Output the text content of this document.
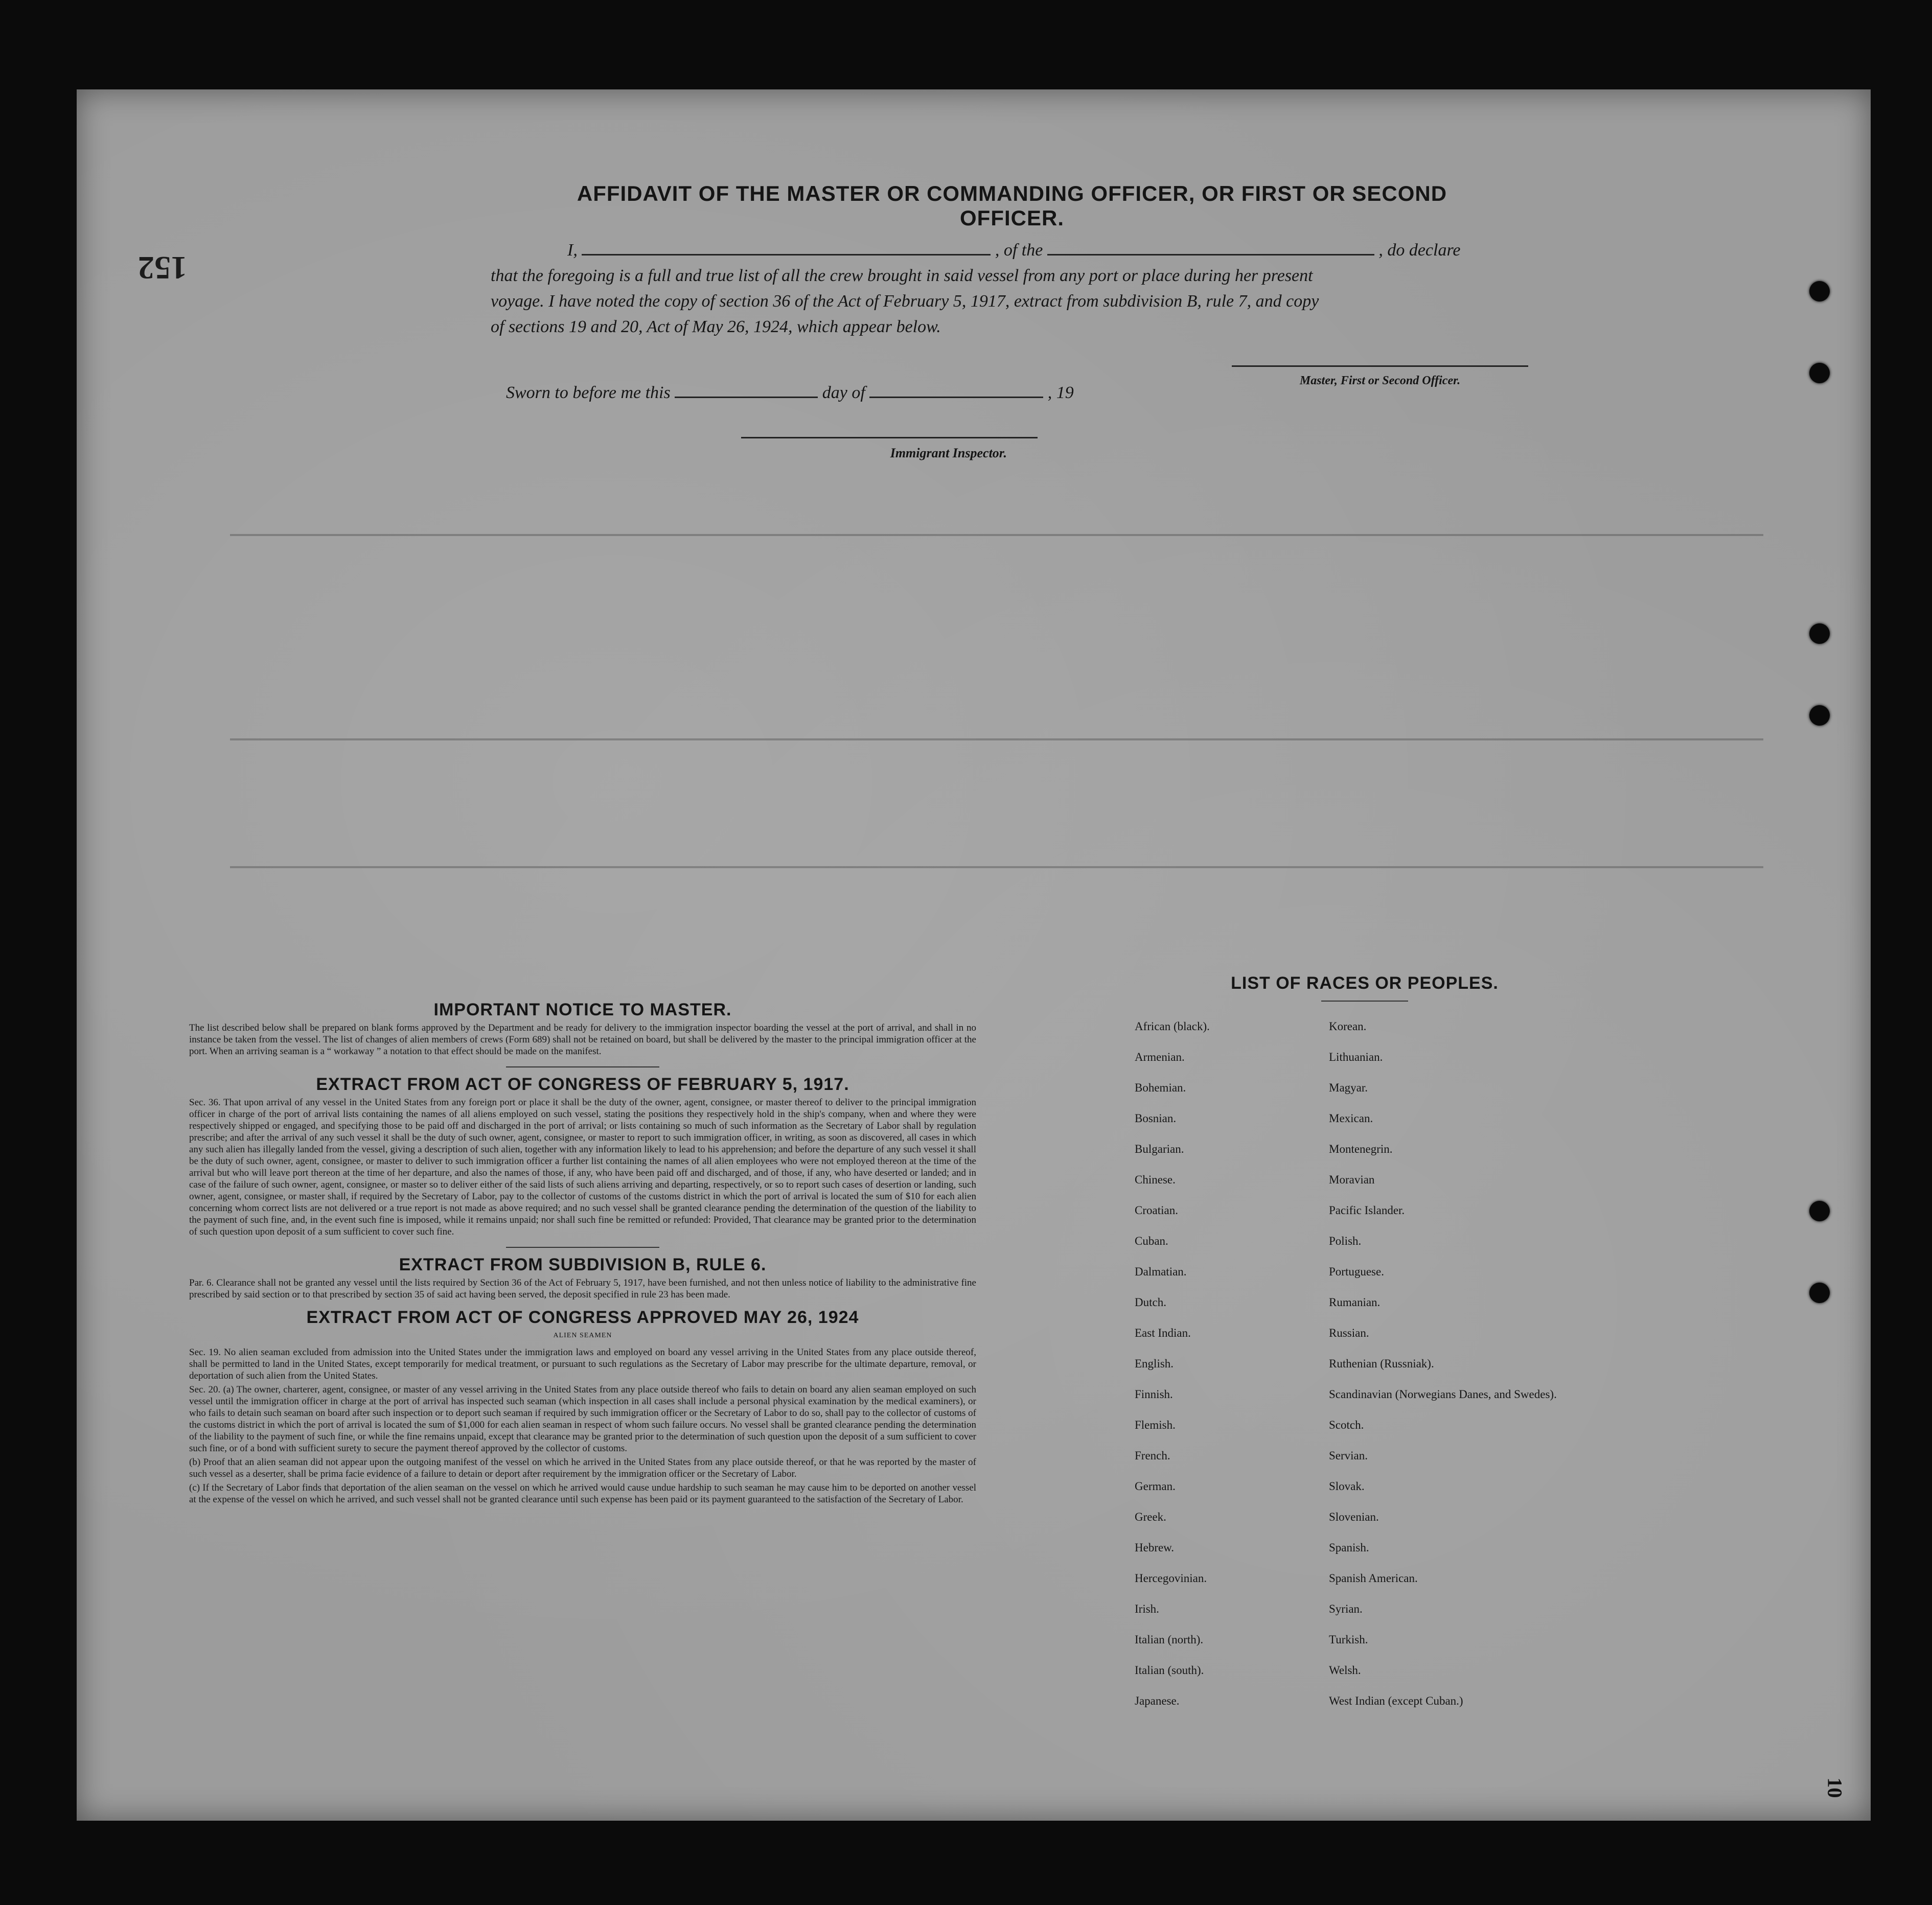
152
AFFIDAVIT OF THE MASTER OR COMMANDING OFFICER, OR FIRST OR SECOND OFFICER.
I,	, of the	, do declare
that the foregoing is a full and true list of all the crew brought in said vessel from any port or place during her present
voyage. I have noted the copy of section 36 of the Act of February 5, 1917, extract from subdivision B, rule 7, and copy
of sections 19 and 20, Act of May 26, 1924, which appear below.
Master, First or Second Officer.
Sworn to before me this	day of	, 19
Immigrant Inspector.
IMPORTANT NOTICE TO MASTER.

The list described below shall be prepared on blank forms approved by the Department and be ready for delivery to the immigration inspector boarding the vessel at the port of arrival, and shall in no instance be taken from the vessel. The list of changes of alien members of crews (Form 689) shall not be retained on board, but shall be delivered by the master to the principal immigration officer at the port. When an arriving seaman is a “ workaway ” a notation to that effect should be made on the manifest.

EXTRACT FROM ACT OF CONGRESS OF FEBRUARY 5, 1917.

Sec. 36. That upon arrival of any vessel in the United States from any foreign port or place it shall be the duty of the owner, agent, consignee, or master thereof to deliver to the principal immigration officer in charge of the port of arrival lists containing the names of all aliens employed on such vessel, stating the positions they respectively hold in the ship's company, when and where they were respectively shipped or engaged, and specifying those to be paid off and discharged in the port of arrival; or lists containing so much of such information as the Secretary of Labor shall by regulation prescribe; and after the arrival of any such vessel it shall be the duty of such owner, agent, consignee, or master to report to such immigration officer, in writing, as soon as discovered, all cases in which any such alien has illegally landed from the vessel, giving a description of such alien, together with any information likely to lead to his apprehension; and before the departure of any such vessel it shall be the duty of such owner, agent, consignee, or master to deliver to such immigration officer a further list containing the names of all alien employees who were not employed thereon at the time of the arrival but who will leave port thereon at the time of her departure, and also the names of those, if any, who have been paid off and discharged, and of those, if any, who have deserted or landed; and in case of the failure of such owner, agent, consignee, or master so to deliver either of the said lists of such aliens arriving and departing, respectively, or so to report such cases of desertion or landing, such owner, agent, consignee, or master shall, if required by the Secretary of Labor, pay to the collector of customs of the customs district in which the port of arrival is located the sum of $10 for each alien concerning whom correct lists are not delivered or a true report is not made as above required; and no such vessel shall be granted clearance pending the determination of the question of the liability to the payment of such fine, and, in the event such fine is imposed, while it remains unpaid; nor shall such fine be remitted or refunded: Provided, That clearance may be granted prior to the determination of such question upon deposit of a sum sufficient to cover such fine.

EXTRACT FROM SUBDIVISION B, RULE 6.

Par. 6. Clearance shall not be granted any vessel until the lists required by Section 36 of the Act of February 5, 1917, have been furnished, and not then unless notice of liability to the administrative fine prescribed by said section or to that prescribed by section 35 of said act having been served, the deposit specified in rule 23 has been made.

EXTRACT FROM ACT OF CONGRESS APPROVED MAY 26, 1924
ALIEN SEAMEN

Sec. 19. No alien seaman excluded from admission into the United States under the immigration laws and employed on board any vessel arriving in the United States from any place outside thereof, shall be permitted to land in the United States, except temporarily for medical treatment, or pursuant to such regulations as the Secretary of Labor may prescribe for the ultimate departure, removal, or deportation of such alien from the United States.

Sec. 20. (a) The owner, charterer, agent, consignee, or master of any vessel arriving in the United States from any place outside thereof who fails to detain on board any alien seaman employed on such vessel until the immigration officer in charge at the port of arrival has inspected such seaman (which inspection in all cases shall include a personal physical examination by the medical examiners), or who fails to detain such seaman on board after such inspection or to deport such seaman if required by such immigration officer or the Secretary of Labor to do so, shall pay to the collector of customs of the customs district in which the port of arrival is located the sum of $1,000 for each alien seaman in respect of whom such failure occurs. No vessel shall be granted clearance pending the determination of the liability to the payment of such fine, or while the fine remains unpaid, except that clearance may be granted prior to the determination of such question upon the deposit of a sum sufficient to cover such fine, or of a bond with sufficient surety to secure the payment thereof approved by the collector of customs.

(b) Proof that an alien seaman did not appear upon the outgoing manifest of the vessel on which he arrived in the United States from any place outside thereof, or that he was reported by the master of such vessel as a deserter, shall be prima facie evidence of a failure to detain or deport after requirement by the immigration officer or the Secretary of Labor.

(c) If the Secretary of Labor finds that deportation of the alien seaman on the vessel on which he arrived would cause undue hardship to such seaman he may cause him to be deported on another vessel at the expense of the vessel on which he arrived, and such vessel shall not be granted clearance until such expense has been paid or its payment guaranteed to the satisfaction of the Secretary of Labor.

LIST OF RACES OR PEOPLES.
African (black).	Korean.
Armenian.	Lithuanian.
Bohemian.	Magyar.
Bosnian.	Mexican.
Bulgarian.	Montenegrin.
Chinese.	Moravian
Croatian.	Pacific Islander.
Cuban.	Polish.
Dalmatian.	Portuguese.
Dutch.	Rumanian.
East Indian.	Russian.
English.	Ruthenian (Russniak).
Finnish.	Scandinavian (Norwegians Danes, and Swedes).
Flemish.	Scotch.
French.	Servian.
German.	Slovak.
Greek.	Slovenian.
Hebrew.	Spanish.
Hercegovinian.	Spanish American.
Irish.	Syrian.
Italian (north).	Turkish.
Italian (south).	Welsh.
Japanese.	West Indian (except Cuban.)
10
